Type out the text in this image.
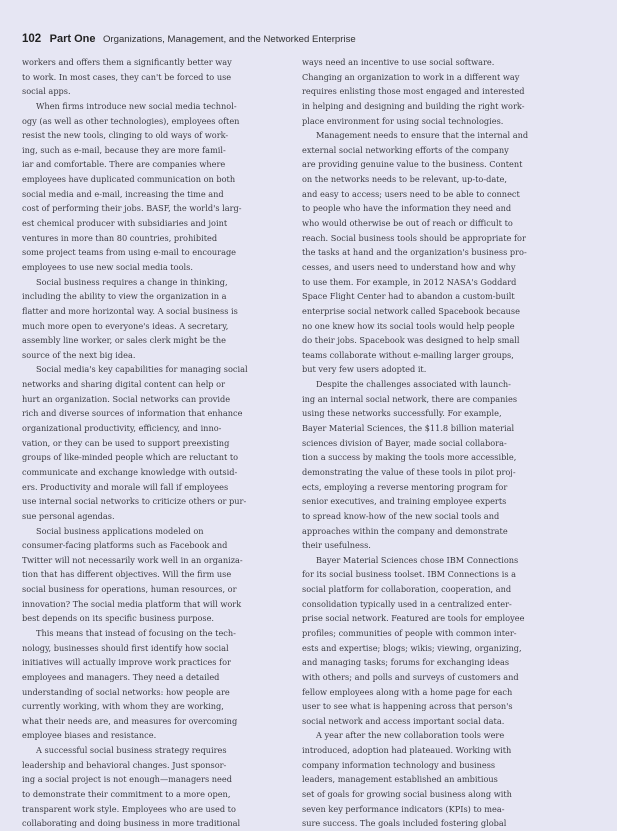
102 Part One Organizations, Management, and the Networked Enterprise
workers and offers them a significantly better way
to work. In most cases, they can't be forced to use
social apps.
When firms introduce new social media technol-
ogy (as well as other technologies), employees often
resist the new tools, clinging to old ways of work-
ing, such as e-mail, because they are more famil-
iar and comfortable. There are companies where
employees have duplicated communication on both
social media and e-mail, increasing the time and
cost of performing their jobs. BASF, the world's larg-
est chemical producer with subsidiaries and joint
ventures in more than 80 countries, prohibited
some project teams from using e-mail to encourage
employees to use new social media tools.
Social business requires a change in thinking,
including the ability to view the organization in a
flatter and more horizontal way. A social business is
much more open to everyone's ideas. A secretary,
assembly line worker, or sales clerk might be the
source of the next big idea.
Social media's key capabilities for managing social
networks and sharing digital content can help or
hurt an organization. Social networks can provide
rich and diverse sources of information that enhance
organizational productivity, efficiency, and inno-
vation, or they can be used to support preexisting
groups of like-minded people which are reluctant to
communicate and exchange knowledge with outsid-
ers. Productivity and morale will fall if employees
use internal social networks to criticize others or pur-
sue personal agendas.
Social business applications modeled on
consumer-facing platforms such as Facebook and
Twitter will not necessarily work well in an organiza-
tion that has different objectives. Will the firm use
social business for operations, human resources, or
innovation? The social media platform that will work
best depends on its specific business purpose.
This means that instead of focusing on the tech-
nology, businesses should first identify how social
initiatives will actually improve work practices for
employees and managers. They need a detailed
understanding of social networks: how people are
currently working, with whom they are working,
what their needs are, and measures for overcoming
employee biases and resistance.
A successful social business strategy requires
leadership and behavioral changes. Just sponsor-
ing a social project is not enough—managers need
to demonstrate their commitment to a more open,
transparent work style. Employees who are used to
collaborating and doing business in more traditional
ways need an incentive to use social software.
Changing an organization to work in a different way
requires enlisting those most engaged and interested
in helping and designing and building the right work-
place environment for using social technologies.
Management needs to ensure that the internal and
external social networking efforts of the company
are providing genuine value to the business. Content
on the networks needs to be relevant, up-to-date,
and easy to access; users need to be able to connect
to people who have the information they need and
who would otherwise be out of reach or difficult to
reach. Social business tools should be appropriate for
the tasks at hand and the organization's business pro-
cesses, and users need to understand how and why
to use them. For example, in 2012 NASA's Goddard
Space Flight Center had to abandon a custom-built
enterprise social network called Spacebook because
no one knew how its social tools would help people
do their jobs. Spacebook was designed to help small
teams collaborate without e-mailing larger groups,
but very few users adopted it.
Despite the challenges associated with launch-
ing an internal social network, there are companies
using these networks successfully. For example,
Bayer Material Sciences, the $11.8 billion material
sciences division of Bayer, made social collabora-
tion a success by making the tools more accessible,
demonstrating the value of these tools in pilot proj-
ects, employing a reverse mentoring program for
senior executives, and training employee experts
to spread know-how of the new social tools and
approaches within the company and demonstrate
their usefulness.
Bayer Material Sciences chose IBM Connections
for its social business toolset. IBM Connections is a
social platform for collaboration, cooperation, and
consolidation typically used in a centralized enter-
prise social network. Featured are tools for employee
profiles; communities of people with common inter-
ests and expertise; blogs; wikis; viewing, organizing,
and managing tasks; forums for exchanging ideas
with others; and polls and surveys of customers and
fellow employees along with a home page for each
user to see what is happening across that person's
social network and access important social data.
A year after the new collaboration tools were
introduced, adoption had plateaued. Working with
company information technology and business
leaders, management established an ambitious
set of goals for growing social business along with
seven key performance indicators (KPIs) to mea-
sure success. The goals included fostering global
